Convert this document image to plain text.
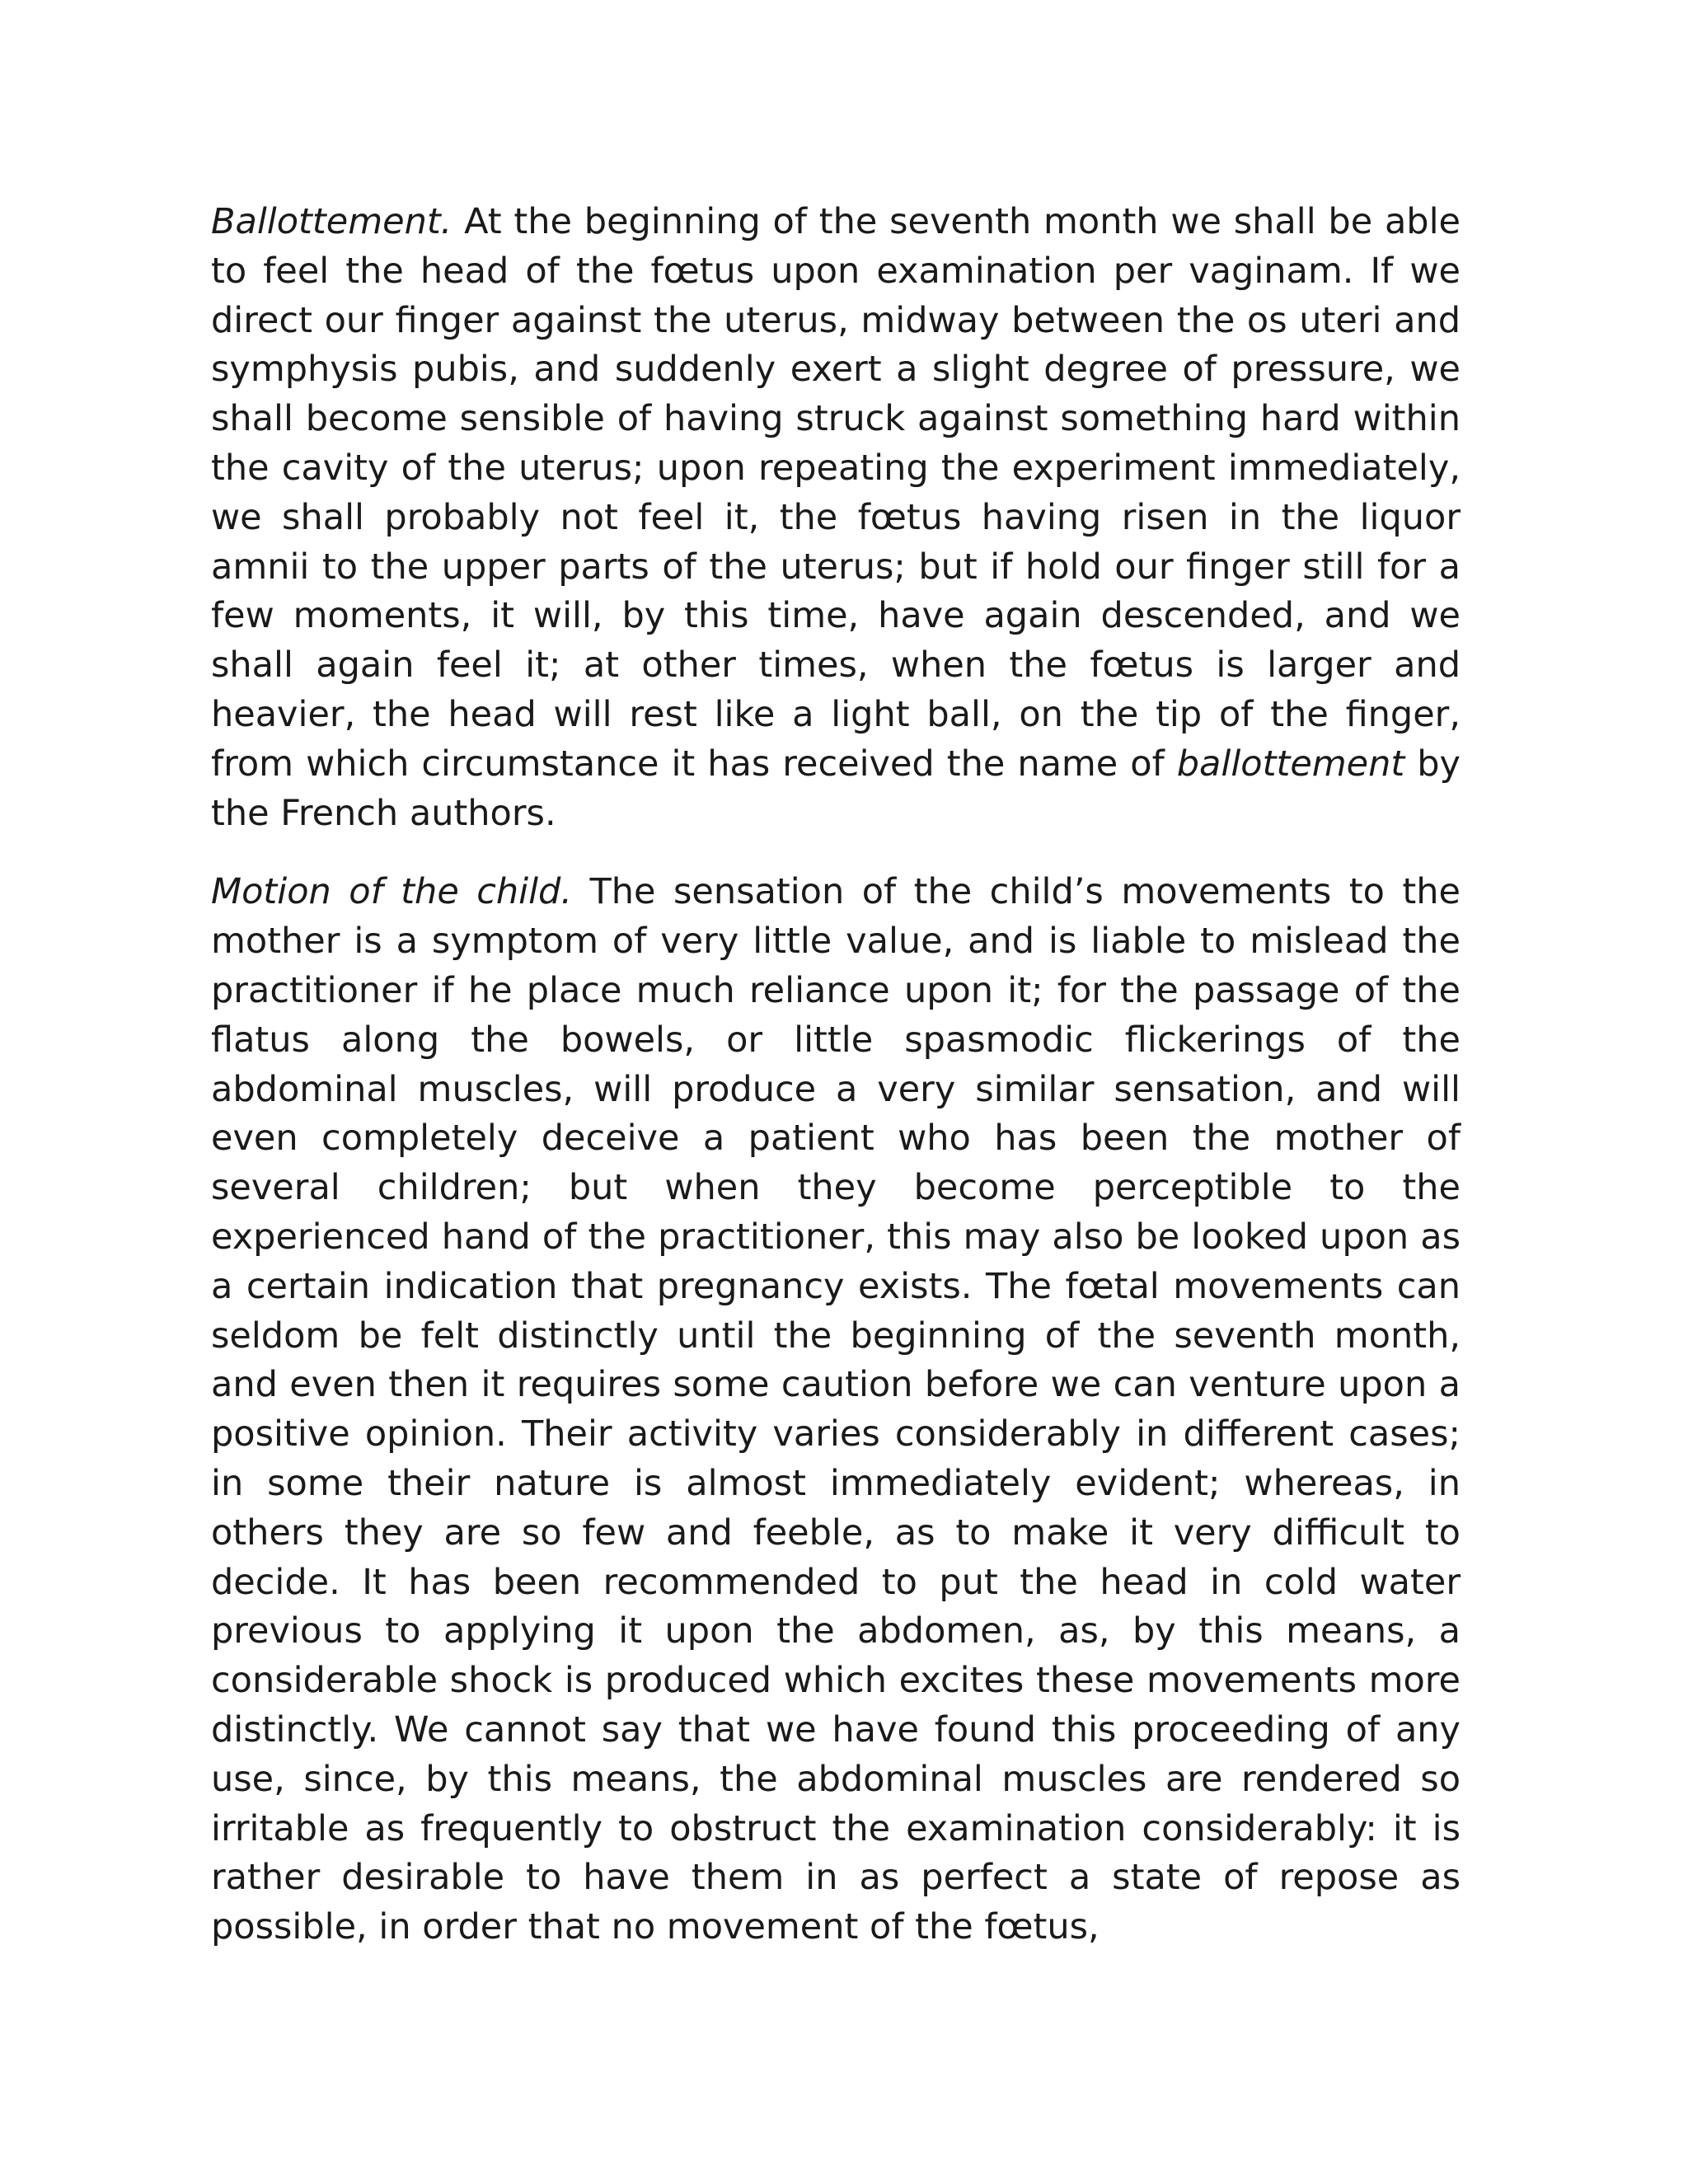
Ballottement. At the beginning of the seventh month we shall be able to feel the head of the fœtus upon examination per vaginam. If we direct our finger against the uterus, midway between the os uteri and symphysis pubis, and suddenly exert a slight degree of pressure, we shall become sensible of having struck against something hard within the cavity of the uterus; upon repeating the experiment immediately, we shall probably not feel it, the fœtus having risen in the liquor amnii to the upper parts of the uterus; but if hold our finger still for a few moments, it will, by this time, have again descended, and we shall again feel it; at other times, when the fœtus is larger and heavier, the head will rest like a light ball, on the tip of the finger, from which circumstance it has received the name of ballottement by the French authors.

Motion of the child. The sensation of the child’s movements to the mother is a symptom of very little value, and is liable to mislead the practitioner if he place much reliance upon it; for the passage of the flatus along the bowels, or little spasmodic flickerings of the abdominal muscles, will produce a very similar sensation, and will even completely deceive a patient who has been the mother of several children; but when they become perceptible to the experienced hand of the practitioner, this may also be looked upon as a certain indication that pregnancy exists. The fœtal movements can seldom be felt distinctly until the beginning of the seventh month, and even then it requires some caution before we can venture upon a positive opinion. Their activity varies considerably in different cases; in some their nature is almost immediately evident; whereas, in others they are so few and feeble, as to make it very difficult to decide. It has been recommended to put the head in cold water previous to applying it upon the abdomen, as, by this means, a considerable shock is produced which excites these movements more distinctly. We cannot say that we have found this proceeding of any use, since, by this means, the abdominal muscles are rendered so irritable as frequently to obstruct the examination considerably: it is rather desirable to have them in as perfect a state of repose as possible, in order that no movement of the fœtus,
